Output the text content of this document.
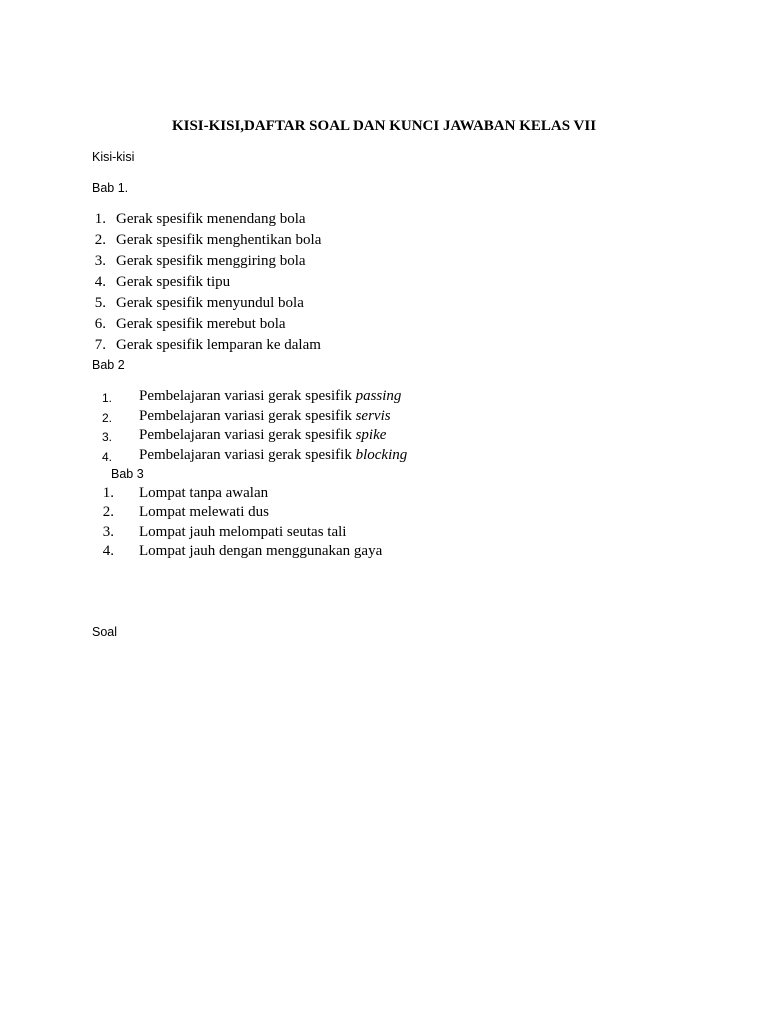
KISI-KISI,DAFTAR SOAL DAN KUNCI JAWABAN KELAS VII
Kisi-kisi
Bab 1.
1. Gerak spesifik menendang bola
2. Gerak spesifik menghentikan bola
3. Gerak spesifik menggiring bola
4. Gerak spesifik tipu
5. Gerak spesifik menyundul bola
6. Gerak spesifik merebut bola
7. Gerak spesifik lemparan ke dalam
Bab 2
1. Pembelajaran variasi gerak spesifik passing
2. Pembelajaran variasi gerak spesifik servis
3. Pembelajaran variasi gerak spesifik spike
4. Pembelajaran variasi gerak spesifik blocking
Bab 3
1. Lompat tanpa awalan
2. Lompat melewati dus
3. Lompat jauh melompati seutas tali
4. Lompat jauh dengan menggunakan gaya
Soal
